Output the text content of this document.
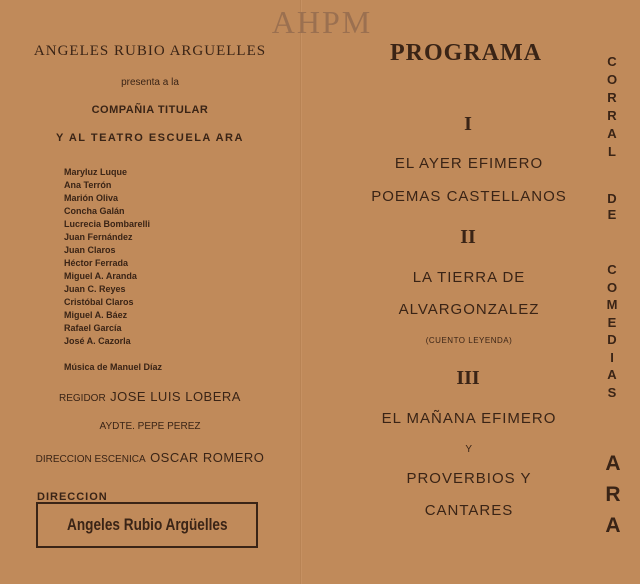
AHPM
ANGELES RUBIO ARGUELLES
presenta a la
COMPAÑIA TITULAR
Y AL TEATRO ESCUELA ARA
Maryluz Luque
Ana Terrón
Marión Oliva
Concha Galán
Lucrecia Bombarelli
Juan Fernández
Juan Claros
Héctor Ferrada
Miguel A. Aranda
Juan C. Reyes
Cristóbal Claros
Miguel A. Báez
Rafael García
José A. Cazorla
Música de Manuel Díaz
REGIDOR JOSE LUIS LOBERA
AYDTE. PEPE PEREZ
DIRECCION ESCENICA OSCAR ROMERO
DIRECCION
Angeles Rubio Argüelles
PROGRAMA
I
EL AYER EFIMERO
POEMAS CASTELLANOS
II
LA TIERRA DE
ALVARGONZALEZ
(CUENTO LEYENDA)
III
EL MAÑANA EFIMERO
Y
PROVERBIOS Y
CANTARES
C
O
R
R
A
L
D
E
C
O
M
E
D
I
A
S
A
R
A
